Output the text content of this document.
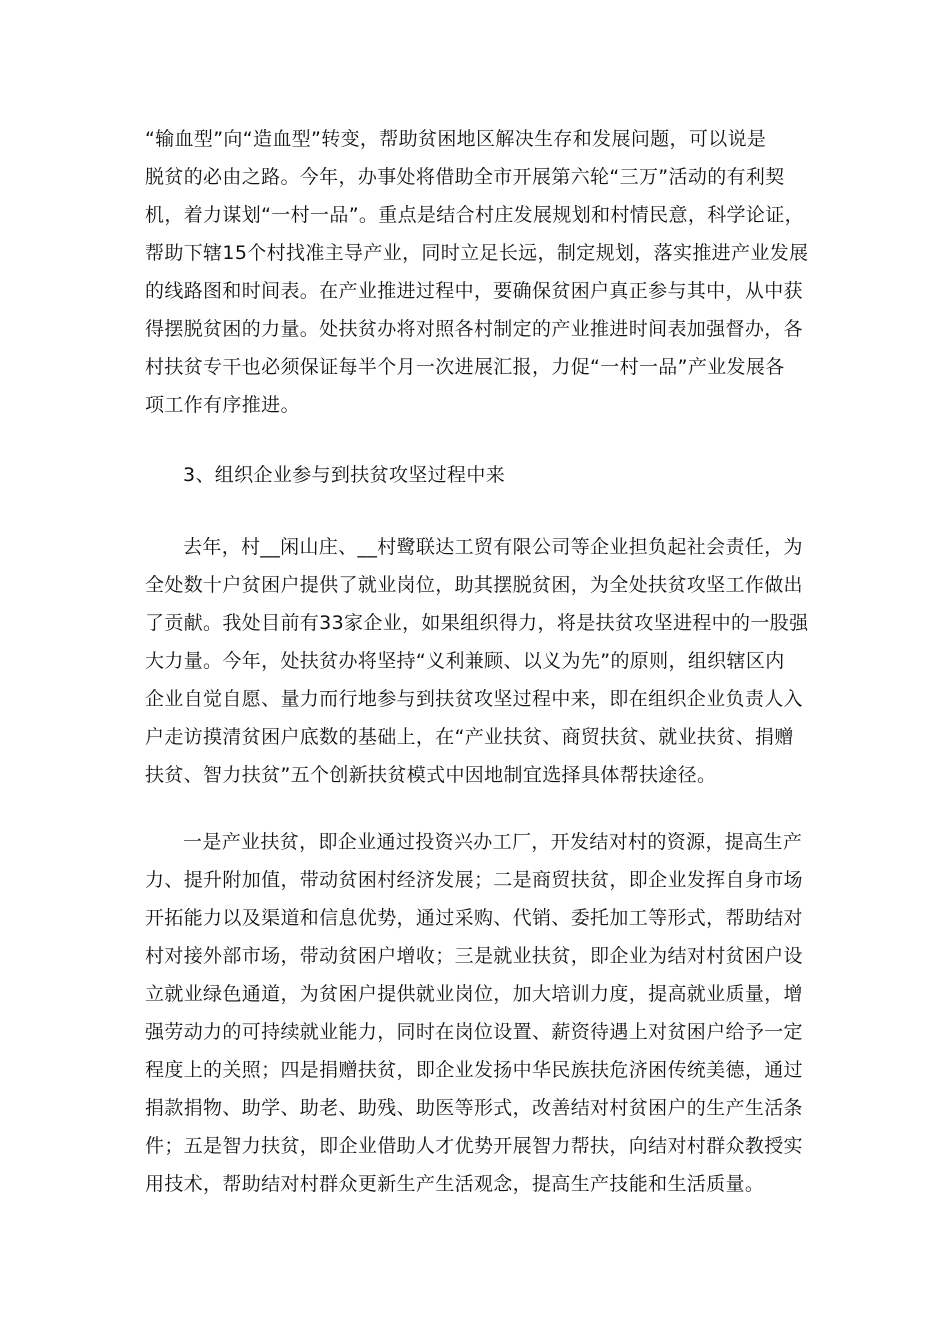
“输血型”向“造血型”转变，帮助贫困地区解决生存和发展问题，可以说是
脱贫的必由之路。今年，办事处将借助全市开展第六轮“三万”活动的有利契
机，着力谋划“一村一品”。重点是结合村庄发展规划和村情民意，科学论证，
帮助下辖15个村找准主导产业，同时立足长远，制定规划，落实推进产业发展
的线路图和时间表。在产业推进过程中，要确保贫困户真正参与其中，从中获
得摆脱贫困的力量。处扶贫办将对照各村制定的产业推进时间表加强督办，各
村扶贫专干也必须保证每半个月一次进展汇报，力促“一村一品”产业发展各
项工作有序推进。
3、组织企业参与到扶贫攻坚过程中来
去年，村__闲山庄、__村鹭联达工贸有限公司等企业担负起社会责任，为
全处数十户贫困户提供了就业岗位，助其摆脱贫困，为全处扶贫攻坚工作做出
了贡献。我处目前有33家企业，如果组织得力，将是扶贫攻坚进程中的一股强
大力量。今年，处扶贫办将坚持“义利兼顾、以义为先”的原则，组织辖区内
企业自觉自愿、量力而行地参与到扶贫攻坚过程中来，即在组织企业负责人入
户走访摸清贫困户底数的基础上，在“产业扶贫、商贸扶贫、就业扶贫、捐赠
扶贫、智力扶贫”五个创新扶贫模式中因地制宜选择具体帮扶途径。
一是产业扶贫，即企业通过投资兴办工厂，开发结对村的资源，提高生产
力、提升附加值，带动贫困村经济发展；二是商贸扶贫，即企业发挥自身市场
开拓能力以及渠道和信息优势，通过采购、代销、委托加工等形式，帮助结对
村对接外部市场，带动贫困户增收；三是就业扶贫，即企业为结对村贫困户设
立就业绿色通道，为贫困户提供就业岗位，加大培训力度，提高就业质量，增
强劳动力的可持续就业能力，同时在岗位设置、薪资待遇上对贫困户给予一定
程度上的关照；四是捐赠扶贫，即企业发扬中华民族扶危济困传统美德，通过
捐款捐物、助学、助老、助残、助医等形式，改善结对村贫困户的生产生活条
件；五是智力扶贫，即企业借助人才优势开展智力帮扶，向结对村群众教授实
用技术，帮助结对村群众更新生产生活观念，提高生产技能和生活质量。
